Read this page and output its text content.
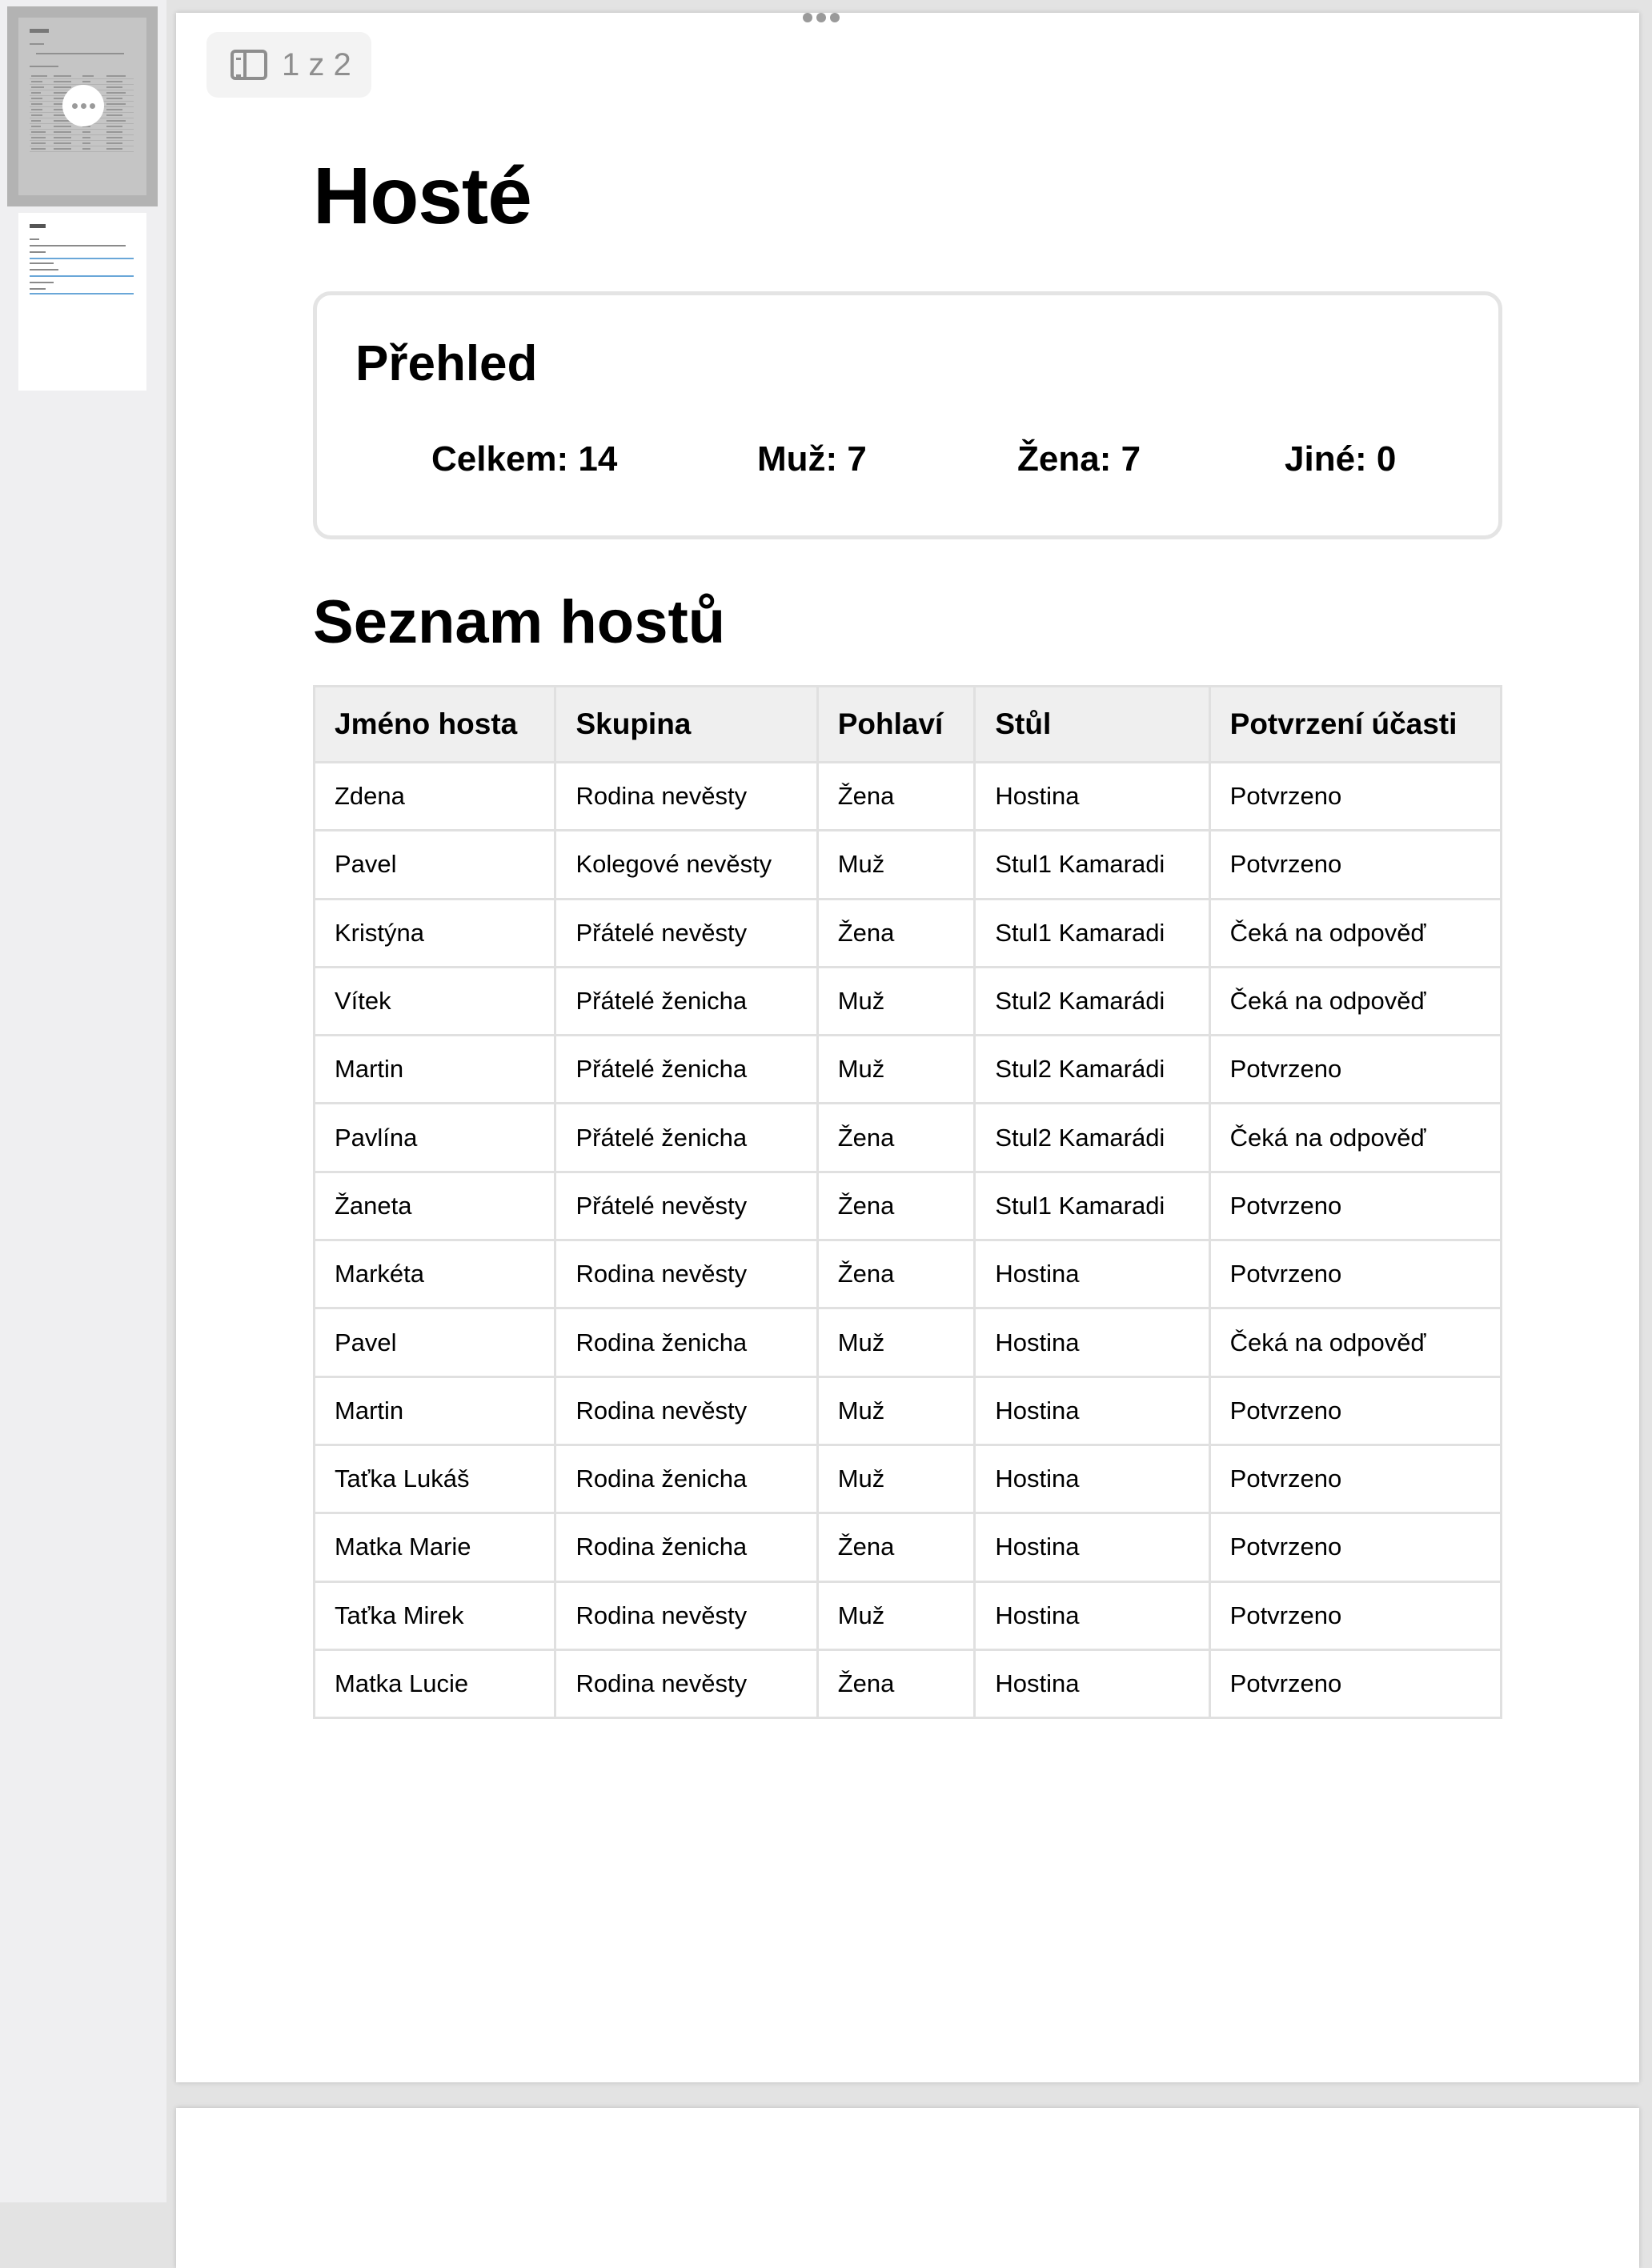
1 z 2
Hosté
Přehled
Celkem: 14	Muž: 7	Žena: 7	Jiné: 0
Seznam hostů
Jméno hosta	Skupina	Pohlaví	Stůl	Potvrzení účasti
Zdena	Rodina nevěsty	Žena	Hostina	Potvrzeno
Pavel	Kolegové nevěsty	Muž	Stul1 Kamaradi	Potvrzeno
Kristýna	Přátelé nevěsty	Žena	Stul1 Kamaradi	Čeká na odpověď
Vítek	Přátelé ženicha	Muž	Stul2 Kamarádi	Čeká na odpověď
Martin	Přátelé ženicha	Muž	Stul2 Kamarádi	Potvrzeno
Pavlína	Přátelé ženicha	Žena	Stul2 Kamarádi	Čeká na odpověď
Žaneta	Přátelé nevěsty	Žena	Stul1 Kamaradi	Potvrzeno
Markéta	Rodina nevěsty	Žena	Hostina	Potvrzeno
Pavel	Rodina ženicha	Muž	Hostina	Čeká na odpověď
Martin	Rodina nevěsty	Muž	Hostina	Potvrzeno
Taťka Lukáš	Rodina ženicha	Muž	Hostina	Potvrzeno
Matka Marie	Rodina ženicha	Žena	Hostina	Potvrzeno
Taťka Mirek	Rodina nevěsty	Muž	Hostina	Potvrzeno
Matka Lucie	Rodina nevěsty	Žena	Hostina	Potvrzeno
